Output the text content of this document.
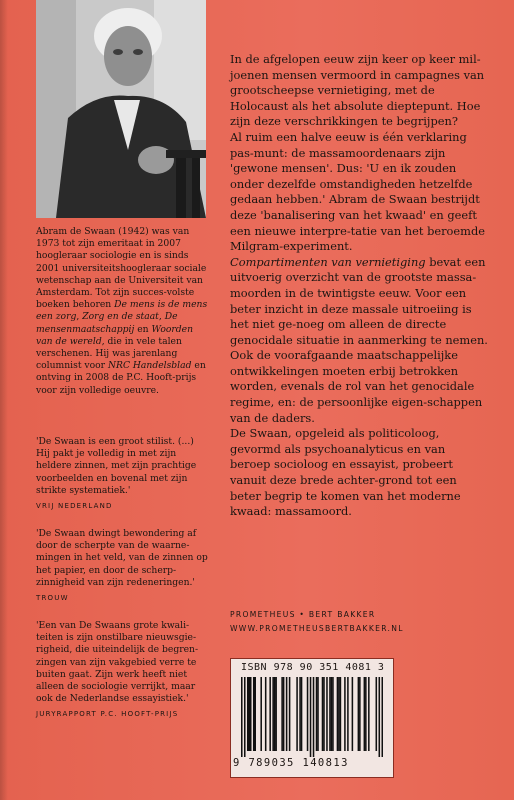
Abram de Swaan (1942) was van 1973 tot zijn emeritaat in 2007 hoogleraar sociologie en is sinds 2001 universiteitshoogleraar sociale wetenschap aan de Universiteit van Amsterdam. Tot zijn succes-volste boeken behoren De mens is de mens een zorg, Zorg en de staat, De mensenmaatschappij en Woorden van de wereld, die in vele talen verschenen. Hij was jarenlang columnist voor NRC Handelsblad en ontving in 2008 de P.C. Hooft-prijs voor zijn volledige oeuvre.

'De Swaan is een groot stilist. (...) Hij pakt je volledig in met zijn heldere zinnen, met zijn prachtige voorbeelden en bovenal met zijn strikte systematiek.'
VRIJ NEDERLAND
'De Swaan dwingt bewondering af door de scherpte van de waarne-mingen in het veld, van de zinnen op het papier, en door de scherp-zinnigheid van zijn redeneringen.'
TROUW
'Een van De Swaans grote kwali-teiten is zijn onstilbare nieuwsgie-righeid, die uiteindelijk de begren-zingen van zijn vakgebied verre te buiten gaat. Zijn werk heeft niet alleen de sociologie verrijkt, maar ook de Nederlandse essayistiek.'
JURYRAPPORT P.C. HOOFT-PRIJS

In de afgelopen eeuw zijn keer op keer mil-joenen mensen vermoord in campagnes van grootscheepse vernietiging, met de Holocaust als het absolute dieptepunt. Hoe zijn deze verschrikkingen te begrijpen?

Al ruim een halve eeuw is één verklaring pas-munt: de massamoordenaars zijn 'gewone mensen'. Dus: 'U en ik zouden onder dezelfde omstandigheden hetzelfde gedaan hebben.' Abram de Swaan bestrijdt deze 'banalisering van het kwaad' en geeft een nieuwe interpre-tatie van het beroemde Milgram-experiment.

Compartimenten van vernietiging bevat een uitvoerig overzicht van de grootste massa-moorden in de twintigste eeuw. Voor een beter inzicht in deze massale uitroeiing is het niet ge-noeg om alleen de directe genocidale situatie in aanmerking te nemen. Ook de voorafgaande maatschappelijke ontwikkelingen moeten erbij betrokken worden, evenals de rol van het genocidale regime, en: de persoonlijke eigen-schappen van de daders.

De Swaan, opgeleid als politicoloog, gevormd als psychoanalyticus en van beroep socioloog en essayist, probeert vanuit deze brede achter-grond tot een beter begrip te komen van het moderne kwaad: massamoord.

PROMETHEUS • BERT BAKKER
WWW.PROMETHEUSBERTBAKKER.NL
ISBN 978 90 351 4081 3
9 789035 140813
